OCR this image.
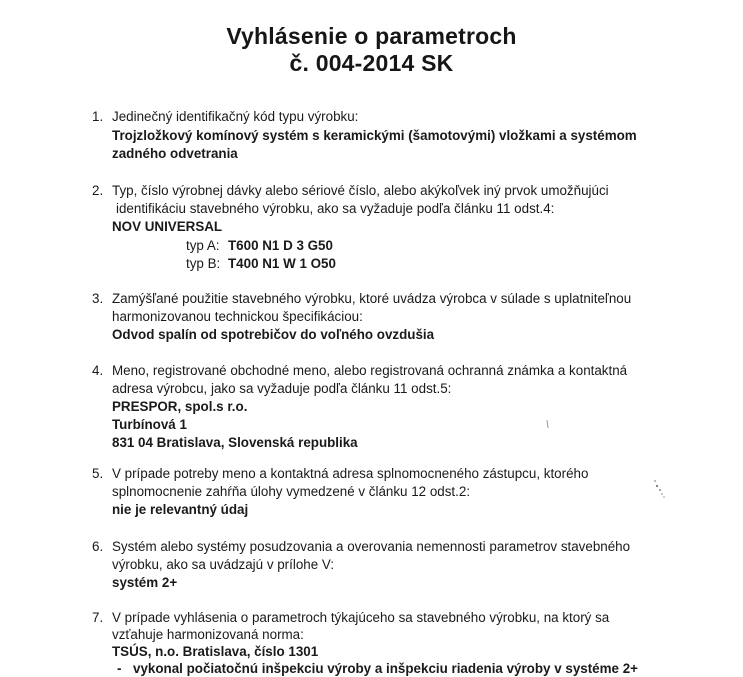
Vyhlásenie o parametroch
č. 004-2014 SK
1. Jedinečný identifikačný kód typu výrobku:
Trojzložkový komínový systém s keramickými (šamotovými) vložkami a systémom
zadného odvetrania
2. Typ, číslo výrobnej dávky alebo sériové číslo, alebo akýkoľvek iný prvok umožňujúci
identifikáciu stavebného výrobku, ako sa vyžaduje podľa článku 11 odst.4:
NOV UNIVERSAL
typ A: T600 N1 D 3 G50
typ B: T400 N1 W 1 O50
3. Zamýšľané použitie stavebného výrobku, ktoré uvádza výrobca v súlade s uplatniteľnou
harmonizovanou technickou špecifikáciou:
Odvod spalín od spotrebičov do voľného ovzdušia
4. Meno, registrované obchodné meno, alebo registrovaná ochranná známka a kontaktná
adresa výrobcu, jako sa vyžaduje podľa článku 11 odst.5:
PRESPOR, spol.s r.o.
Turbínová 1
831 04 Bratislava, Slovenská republika
5. V prípade potreby meno a kontaktná adresa splnomocneného zástupcu, ktorého
splnomocnenie zahŕňa úlohy vymedzené v článku 12 odst.2:
nie je relevantný údaj
6. Systém alebo systémy posudzovania a overovania nemennosti parametrov stavebného
výrobku, ako sa uvádzajú v prílohe V:
systém 2+
7. V prípade vyhlásenia o parametroch týkajúceho sa stavebného výrobku, na ktorý sa
vzťahuje harmonizovaná norma:
TSÚS, n.o. Bratislava, číslo 1301
- vykonal počiatočnú inšpekciu výroby a inšpekciu riadenia výroby v systéme 2+
